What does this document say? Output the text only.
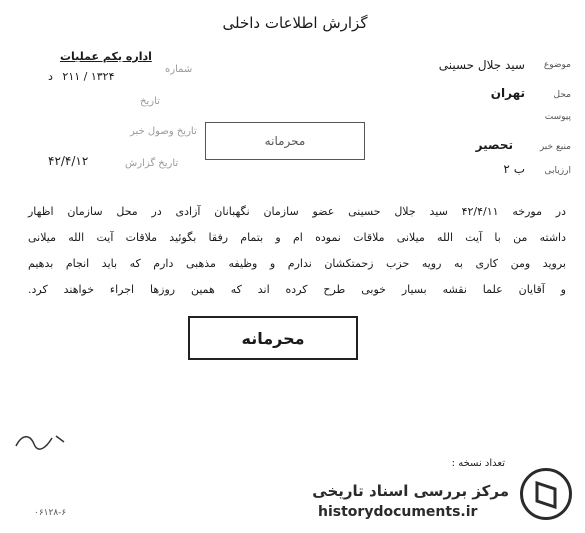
گزارش اطلاعات داخلی
اداره یکم عملیات
شماره
۱۳۲۴ / ۲۱۱ د
تاریخ
تاریخ وصول خبر
تاریخ گزارش
۴۲/۴/۱۲
موضوع
سید جلال حسینی
محل
تهران
پیوست
منبع خبر
تحصیر
ارزیابی
ب ۲
محرمانه
در مورخه ۴۲/۴/۱۱ سید جلال حسینی عضو سازمان نگهبانان آزادی در محل سازمان اظهار
داشته من با آیت الله میلانی ملاقات نموده ام و بتمام رفقا بگوئید ملاقات آیت الله میلانی
بروید ومن کاری به رویه حزب زحمتکشان ندارم و وظیفه مذهبی دارم که باید انجام بدهیم
و آقایان علما نقشه بسیار خوبی طرح کرده اند که همین روزها اجراء خواهند کرد.
محرمانه
تعداد نسخه :
۰۶۱۲۸-۶
مرکز بررسی اسناد تاریخی
historydocuments.ir
